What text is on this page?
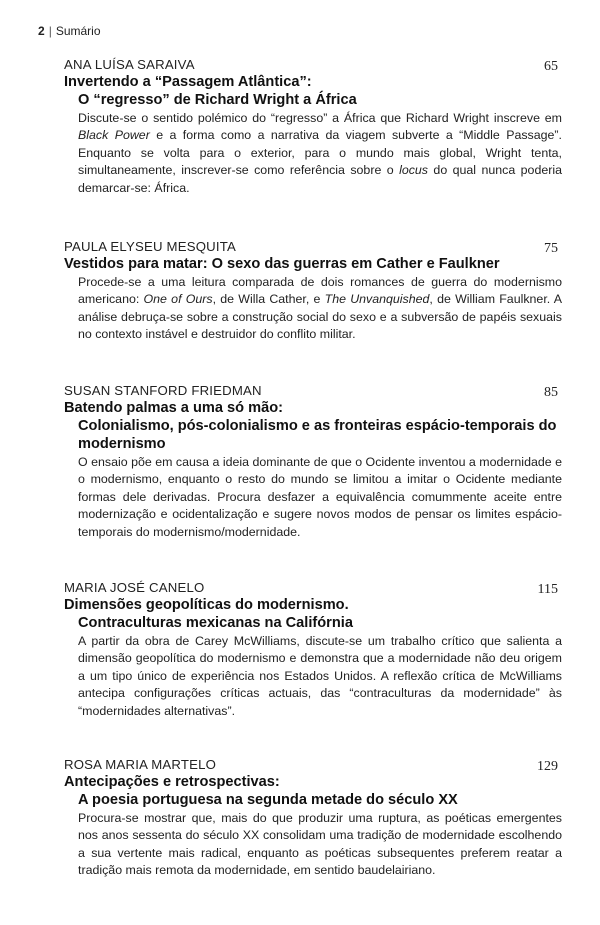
2 | Sumário
ANA LUÍSA SARAIVA	65
Invertendo a “Passagem Atlântica”:
O “regresso” de Richard Wright a África
Discute-se o sentido polémico do “regresso” a África que Richard Wright inscreve em Black Power e a forma como a narrativa da viagem subverte a “Middle Passage”. Enquanto se volta para o exterior, para o mundo mais global, Wright tenta, simultaneamente, inscrever-se como referência sobre o locus do qual nunca poderia demarcar-se: África.
PAULA ELYSEU MESQUITA	75
Vestidos para matar: O sexo das guerras em Cather e Faulkner
Procede-se a uma leitura comparada de dois romances de guerra do modernismo americano: One of Ours, de Willa Cather, e The Unvanquished, de William Faulkner. A análise debruça-se sobre a construção social do sexo e a subversão de papéis sexuais no contexto instável e destruidor do conflito militar.
SUSAN STANFORD FRIEDMAN	85
Batendo palmas a uma só mão:
Colonialismo, pós-colonialismo e as fronteiras espácio-temporais do modernismo
O ensaio põe em causa a ideia dominante de que o Ocidente inventou a modernidade e o modernismo, enquanto o resto do mundo se limitou a imitar o Ocidente mediante formas dele derivadas. Procura desfazer a equivalência comummente aceite entre modernização e ocidentalização e sugere novos modos de pensar os limites espácio-temporais do modernismo/modernidade.
MARIA JOSÉ CANELO	115
Dimensões geopolíticas do modernismo.
Contraculturas mexicanas na Califórnia
A partir da obra de Carey McWilliams, discute-se um trabalho crítico que salienta a dimensão geopolítica do modernismo e demonstra que a modernidade não deu origem a um tipo único de experiência nos Estados Unidos. A reflexão crítica de McWilliams antecipa configurações críticas actuais, das “contraculturas da modernidade” às “modernidades alternativas”.
ROSA MARIA MARTELO	129
Antecipações e retrospectivas:
A poesia portuguesa na segunda metade do século XX
Procura-se mostrar que, mais do que produzir uma ruptura, as poéticas emergentes nos anos sessenta do século XX consolidam uma tradição de modernidade escolhendo a sua vertente mais radical, enquanto as poéticas subsequentes preferem reatar a tradição mais remota da modernidade, em sentido baudelairiano.
